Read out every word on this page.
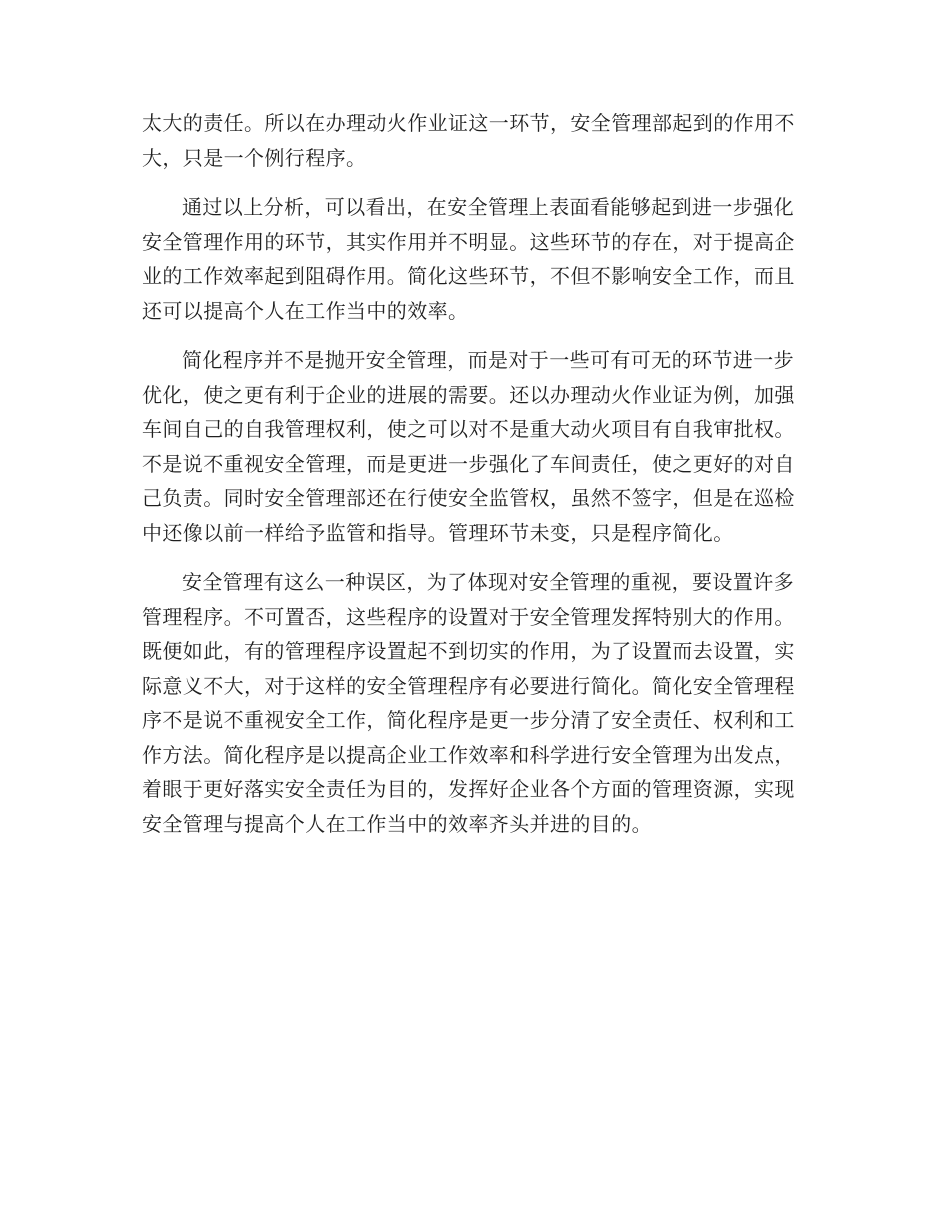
太大的责任。所以在办理动火作业证这一环节，安全管理部起到的作用不大，只是一个例行程序。

通过以上分析，可以看出，在安全管理上表面看能够起到进一步强化安全管理作用的环节，其实作用并不明显。这些环节的存在，对于提高企业的工作效率起到阻碍作用。简化这些环节，不但不影响安全工作，而且还可以提高个人在工作当中的效率。

简化程序并不是抛开安全管理，而是对于一些可有可无的环节进一步优化，使之更有利于企业的进展的需要。还以办理动火作业证为例，加强车间自己的自我管理权利，使之可以对不是重大动火项目有自我审批权。不是说不重视安全管理，而是更进一步强化了车间责任，使之更好的对自己负责。同时安全管理部还在行使安全监管权，虽然不签字，但是在巡检中还像以前一样给予监管和指导。管理环节未变，只是程序简化。

安全管理有这么一种误区，为了体现对安全管理的重视，要设置许多管理程序。不可置否，这些程序的设置对于安全管理发挥特别大的作用。既便如此，有的管理程序设置起不到切实的作用，为了设置而去设置，实际意义不大，对于这样的安全管理程序有必要进行简化。简化安全管理程序不是说不重视安全工作，简化程序是更一步分清了安全责任、权利和工作方法。简化程序是以提高企业工作效率和科学进行安全管理为出发点，着眼于更好落实安全责任为目的，发挥好企业各个方面的管理资源，实现安全管理与提高个人在工作当中的效率齐头并进的目的。
